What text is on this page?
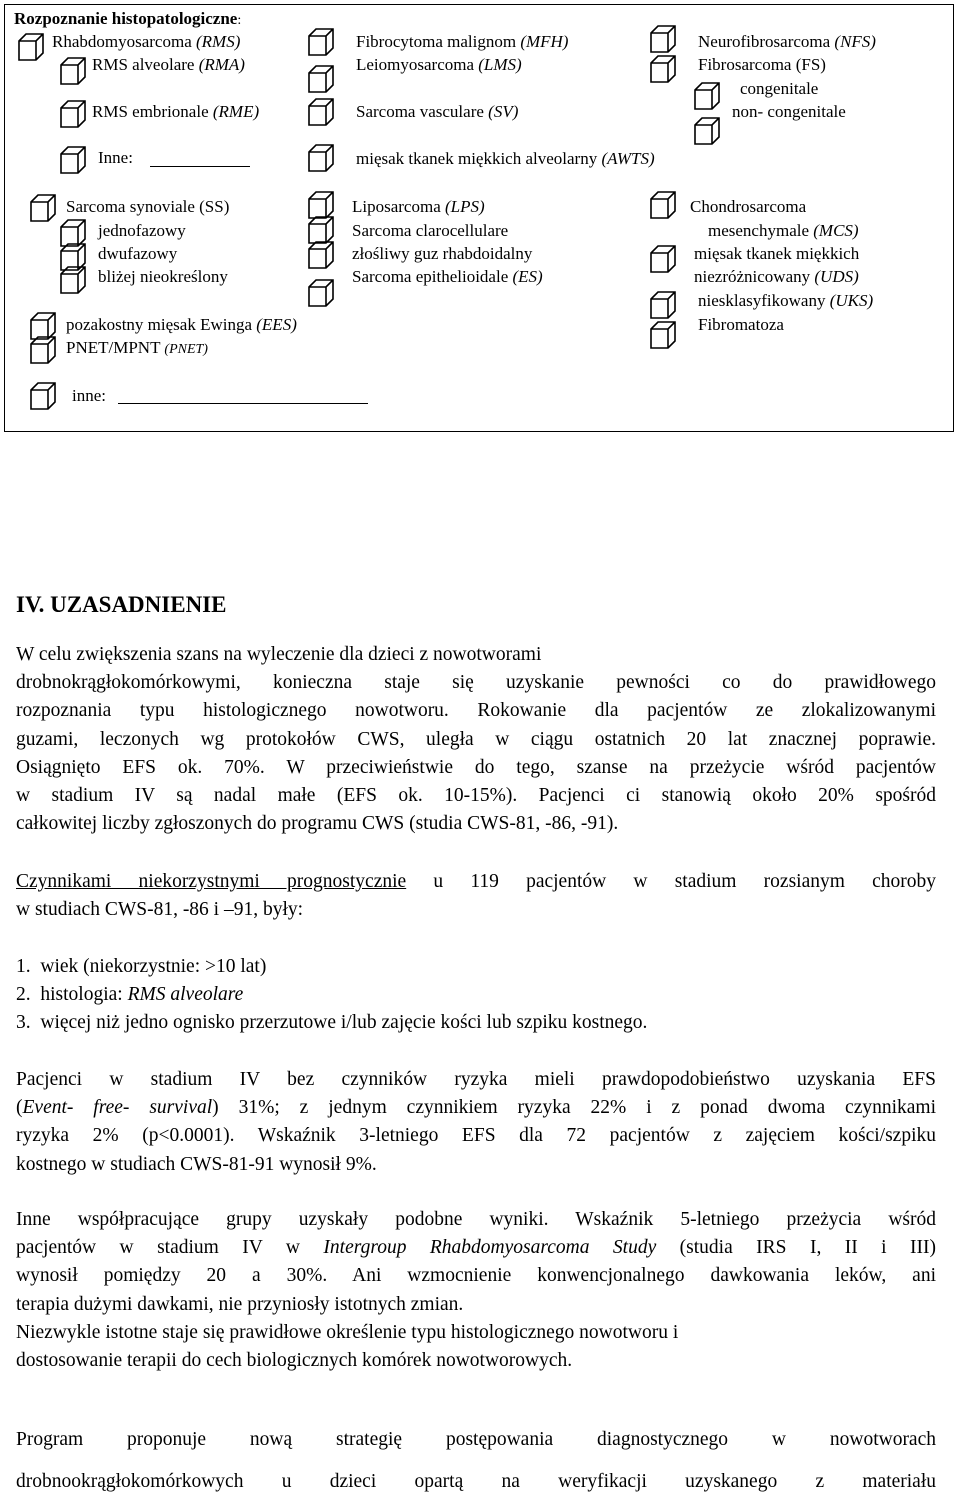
Rozpoznanie histopatologiczne:
Rhabdomyosarcoma (RMS)
RMS alveolare (RMA)
RMS embrionale (RME)
Inne:
Sarcoma synoviale (SS)
jednofazowy
dwufazowy
bliżej nieokreślony
pozakostny mięsak Ewinga (EES)
PNET/MPNT (PNET)
inne:
Fibrocytoma malignom (MFH)
Leiomyosarcoma (LMS)
Sarcoma vasculare (SV)
mięsak tkanek miękkich alveolarny (AWTS)
Liposarcoma (LPS)
Sarcoma clarocellulare
złośliwy guz rhabdoidalny
Sarcoma epithelioidale (ES)
Neurofibrosarcoma (NFS)
Fibrosarcoma (FS)
congenitale
non- congenitale
Chondrosarcoma
mesenchymale (MCS)
mięsak tkanek miękkich
niezróżnicowany (UDS)
niesklasyfikowany (UKS)
Fibromatoza
IV. UZASADNIENIE
W celu zwiększenia szans na wyleczenie dla dzieci z nowotworami
drobnokrągłokomórkowymi, konieczna staje się uzyskanie pewności co do prawidłowego
rozpoznania typu histologicznego nowotworu. Rokowanie dla pacjentów ze zlokalizowanymi
guzami, leczonych wg protokołów CWS, uległa w ciągu ostatnich 20 lat znacznej poprawie.
Osiągnięto EFS ok. 70%. W przeciwieństwie do tego, szanse na przeżycie wśród pacjentów
w stadium IV są nadal małe (EFS ok. 10-15%). Pacjenci ci stanowią około 20% spośród
całkowitej liczby zgłoszonych do programu CWS (studia CWS-81, -86, -91).
Czynnikami niekorzystnymi prognostycznie u 119 pacjentów w stadium rozsianym choroby
w studiach CWS-81, -86 i –91, były:
1. wiek (niekorzystnie: >10 lat)
2. histologia: RMS alveolare
3. więcej niż jedno ognisko przerzutowe i/lub zajęcie kości lub szpiku kostnego.
Pacjenci w stadium IV bez czynników ryzyka mieli prawdopodobieństwo uzyskania EFS
(Event- free- survival) 31%; z jednym czynnikiem ryzyka 22% i z ponad dwoma czynnikami
ryzyka 2% (p<0.0001). Wskaźnik 3-letniego EFS dla 72 pacjentów z zajęciem kości/szpiku
kostnego w studiach CWS-81-91 wynosił 9%.
Inne współpracujące grupy uzyskały podobne wyniki. Wskaźnik 5-letniego przeżycia wśród
pacjentów w stadium IV w Intergroup Rhabdomyosarcoma Study (studia IRS I, II i III)
wynosił pomiędzy 20 a 30%. Ani wzmocnienie konwencjonalnego dawkowania leków, ani
terapia dużymi dawkami, nie przyniosły istotnych zmian.
Niezwykle istotne staje się prawidłowe określenie typu histologicznego nowotworu i
dostosowanie terapii do cech biologicznych komórek nowotworowych.
Program proponuje nową strategię postępowania diagnostycznego w nowotworach
drobnookrągłokomórkowych u dzieci opartą na weryfikacji uzyskanego z materiału
